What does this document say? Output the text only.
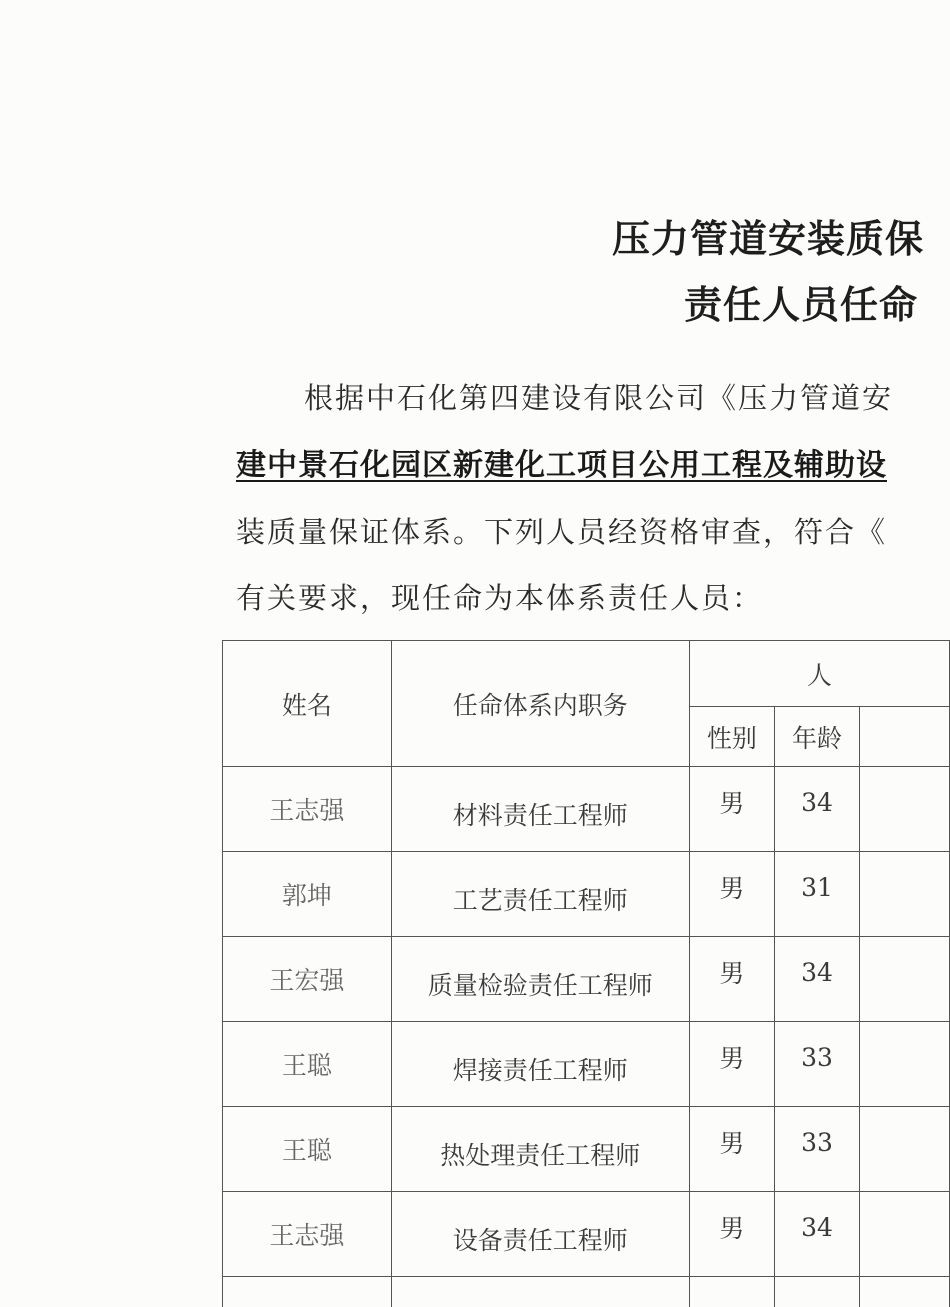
压力管道安装质保
责任人员任命
根据中石化第四建设有限公司《压力管道安
建中景石化园区新建化工项目公用工程及辅助设
装质量保证体系。下列人员经资格审查，符合《
有关要求，现任命为本体系责任人员：
姓名	任命体系内职务	人		
		性别	年龄	
王志强	材料责任工程师	男	34	
郭坤	工艺责任工程师	男	31	
王宏强	质量检验责任工程师	男	34	
王聪	焊接责任工程师	男	33	
王聪	热处理责任工程师	男	33	
王志强	设备责任工程师	男	34	
